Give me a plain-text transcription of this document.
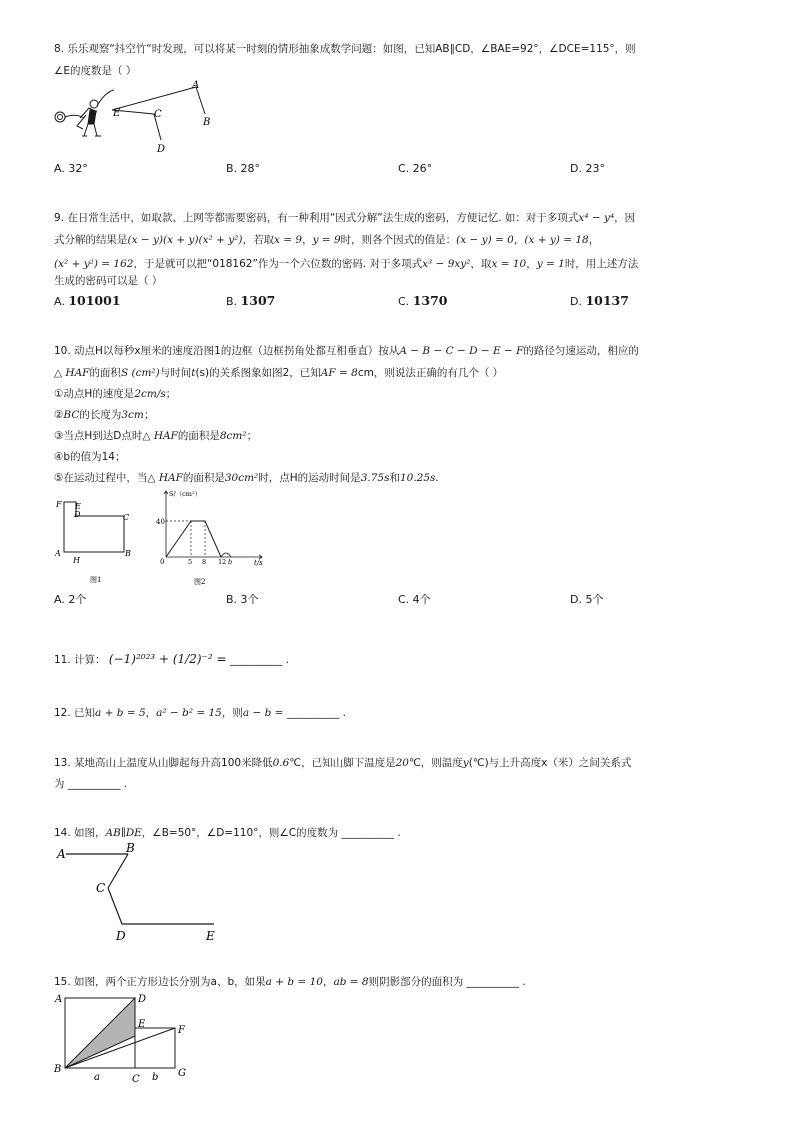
8. 乐乐观察“抖空竹“时发现，可以将某一时刻的情形抽象成数学问题：如图，已知AB∥CD，∠BAE=92°，∠DCE=115°，则
∠E的度数是（ ）
A
B
C
D
E
A. 32°	B. 28°	C. 26°	D. 23°
9. 在日常生活中，如取款、上网等都需要密码，有一种利用“因式分解”法生成的密码，方便记忆. 如：对于多项式x⁴ − y⁴，因
式分解的结果是(x − y)(x + y)(x² + y²)，若取x = 9，y = 9时，则各个因式的值是：(x − y) = 0，(x + y) = 18，
(x² + y²) = 162，于是就可以把“018162”作为一个六位数的密码. 对于多项式x³ − 9xy²，取x = 10，y = 1时，用上述方法
生成的密码可以是（ ）
A. 101001	B. 1307	C. 1370	D. 10137
10. 动点H以每秒x厘米的速度沿图1的边框（边框拐角处都互相垂直）按从A − B − C − D − E − F的路径匀速运动，相应的
△ HAF的面积S (cm²)与时间t(s)的关系图象如图2，已知AF = 8cm，则说法正确的有几个（ ）
①动点H的速度是2cm/s；
②BC的长度为3cm；
③当点H到达D点时△ HAF的面积是8cm²；
④b的值为14；
⑤在运动过程中，当△ HAF的面积是30cm²时，点H的运动时间是3.75s和10.25s.
F E
D	C
A	B
H
图1
S/（cm²）
t/s
0
40
5 8 12 b
图2
A. 2个	B. 3个	C. 4个	D. 5个
11. 计算： (−1)²⁰²³ + (1/2)⁻² = __________ .
12. 已知a + b = 5，a² − b² = 15，则a − b = __________ .
13. 某地高山上温度从山脚起每升高100米降低0.6℃，已知山脚下温度是20℃，则温度y(℃)与上升高度x（米）之间关系式
为 __________ .
14. 如图，AB∥DE，∠B=50°，∠D=110°，则∠C的度数为 __________ .
A	B
C
D	E
15. 如图，两个正方形边长分别为a、b，如果a + b = 10，ab = 8则阴影部分的面积为 __________ .
A	D
E
F
B
C
G
a	b
